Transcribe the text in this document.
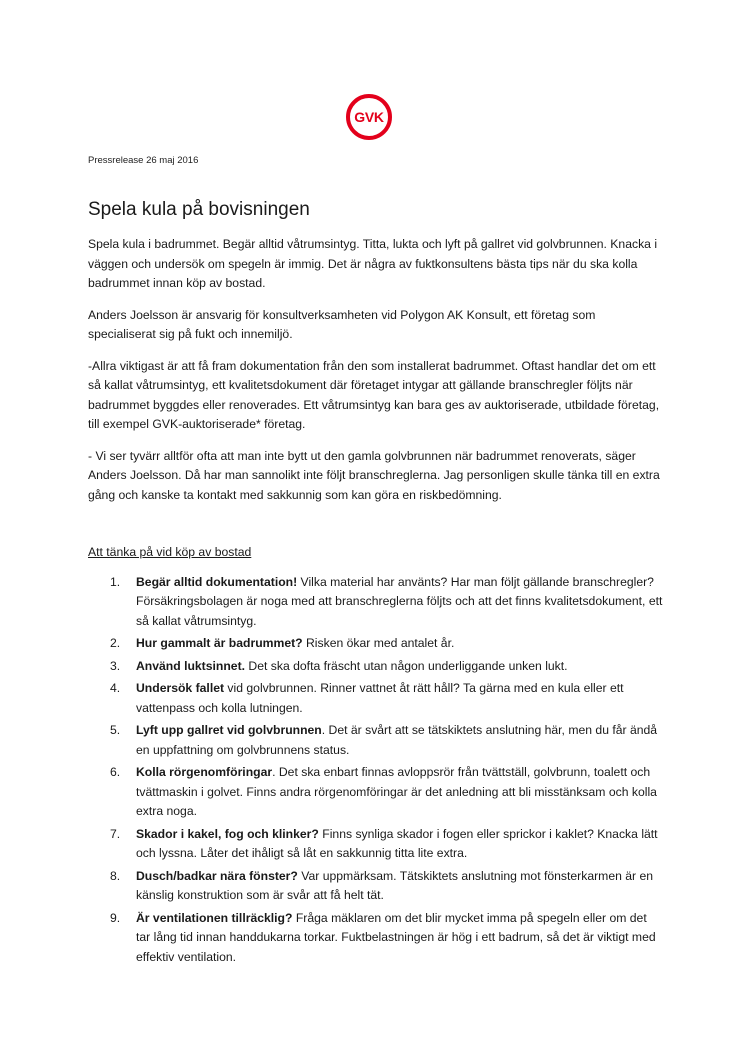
GVK
Pressrelease 26 maj 2016
Spela kula på bovisningen

Spela kula i badrummet. Begär alltid våtrumsintyg. Titta, lukta och lyft på gallret vid golvbrunnen. Knacka i väggen och undersök om spegeln är immig. Det är några av fuktkonsultens bästa tips när du ska kolla badrummet innan köp av bostad.

Anders Joelsson är ansvarig för konsultverksamheten vid Polygon AK Konsult, ett företag som specialiserat sig på fukt och innemiljö.

-Allra viktigast är att få fram dokumentation från den som installerat badrummet. Oftast handlar det om ett så kallat våtrumsintyg, ett kvalitetsdokument där företaget intygar att gällande branschregler följts när badrummet byggdes eller renoverades. Ett våtrumsintyg kan bara ges av auktoriserade, utbildade företag, till exempel GVK-auktoriserade* företag.

- Vi ser tyvärr alltför ofta att man inte bytt ut den gamla golvbrunnen när badrummet renoverats, säger Anders Joelsson. Då har man sannolikt inte följt branschreglerna. Jag personligen skulle tänka till en extra gång och kanske ta kontakt med sakkunnig som kan göra en riskbedömning.

Att tänka på vid köp av bostad
1. Begär alltid dokumentation! Vilka material har använts? Har man följt gällande branschregler? Försäkringsbolagen är noga med att branschreglerna följts och att det finns kvalitetsdokument, ett så kallat våtrumsintyg.
2. Hur gammalt är badrummet? Risken ökar med antalet år.
3. Använd luktsinnet. Det ska dofta fräscht utan någon underliggande unken lukt.
4. Undersök fallet vid golvbrunnen. Rinner vattnet åt rätt håll? Ta gärna med en kula eller ett vattenpass och kolla lutningen.
5. Lyft upp gallret vid golvbrunnen. Det är svårt att se tätskiktets anslutning här, men du får ändå en uppfattning om golvbrunnens status.
6. Kolla rörgenomföringar. Det ska enbart finnas avloppsrör från tvättställ, golvbrunn, toalett och tvättmaskin i golvet. Finns andra rörgenomföringar är det anledning att bli misstänksam och kolla extra noga.
7. Skador i kakel, fog och klinker? Finns synliga skador i fogen eller sprickor i kaklet? Knacka lätt och lyssna. Låter det ihåligt så låt en sakkunnig titta lite extra.
8. Dusch/badkar nära fönster? Var uppmärksam. Tätskiktets anslutning mot fönsterkarmen är en känslig konstruktion som är svår att få helt tät.
9. Är ventilationen tillräcklig? Fråga mäklaren om det blir mycket imma på spegeln eller om det tar lång tid innan handdukarna torkar. Fuktbelastningen är hög i ett badrum, så det är viktigt med effektiv ventilation.
